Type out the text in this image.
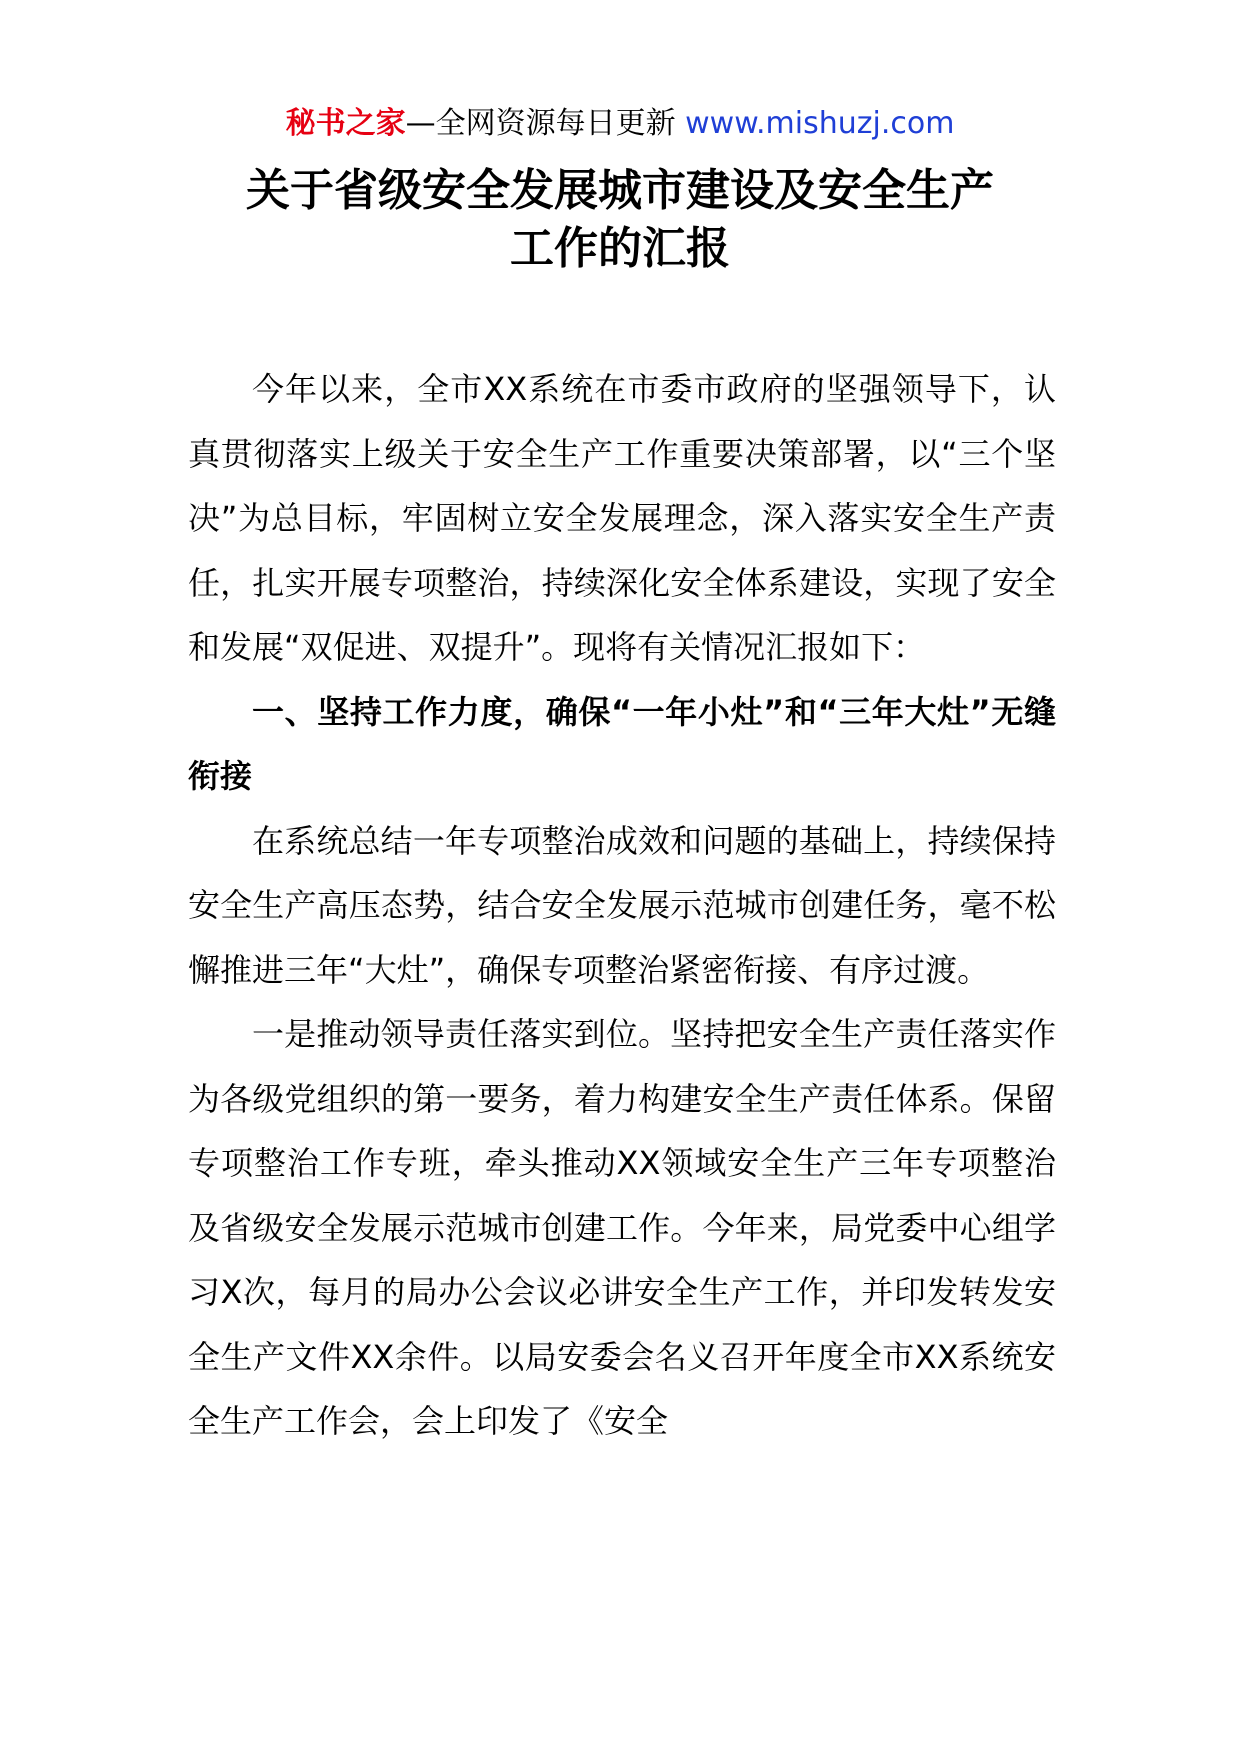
秘书之家—全网资源每日更新 www.mishuzj.com
关于省级安全发展城市建设及安全生产
工作的汇报

今年以来，全市XX系统在市委市政府的坚强领导下，认真贯彻落实上级关于安全生产工作重要决策部署，以“三个坚决”为总目标，牢固树立安全发展理念，深入落实安全生产责任，扎实开展专项整治，持续深化安全体系建设，实现了安全和发展“双促进、双提升”。现将有关情况汇报如下：

一、坚持工作力度，确保“一年小灶”和“三年大灶”无缝衔接

在系统总结一年专项整治成效和问题的基础上，持续保持安全生产高压态势，结合安全发展示范城市创建任务，毫不松懈推进三年“大灶”，确保专项整治紧密衔接、有序过渡。

一是推动领导责任落实到位。坚持把安全生产责任落实作为各级党组织的第一要务，着力构建安全生产责任体系。保留专项整治工作专班，牵头推动XX领域安全生产三年专项整治及省级安全发展示范城市创建工作。今年来，局党委中心组学习X次，每月的局办公会议必讲安全生产工作，并印发转发安全生产文件XX余件。以局安委会名义召开年度全市XX系统安全生产工作会，会上印发了《安全
